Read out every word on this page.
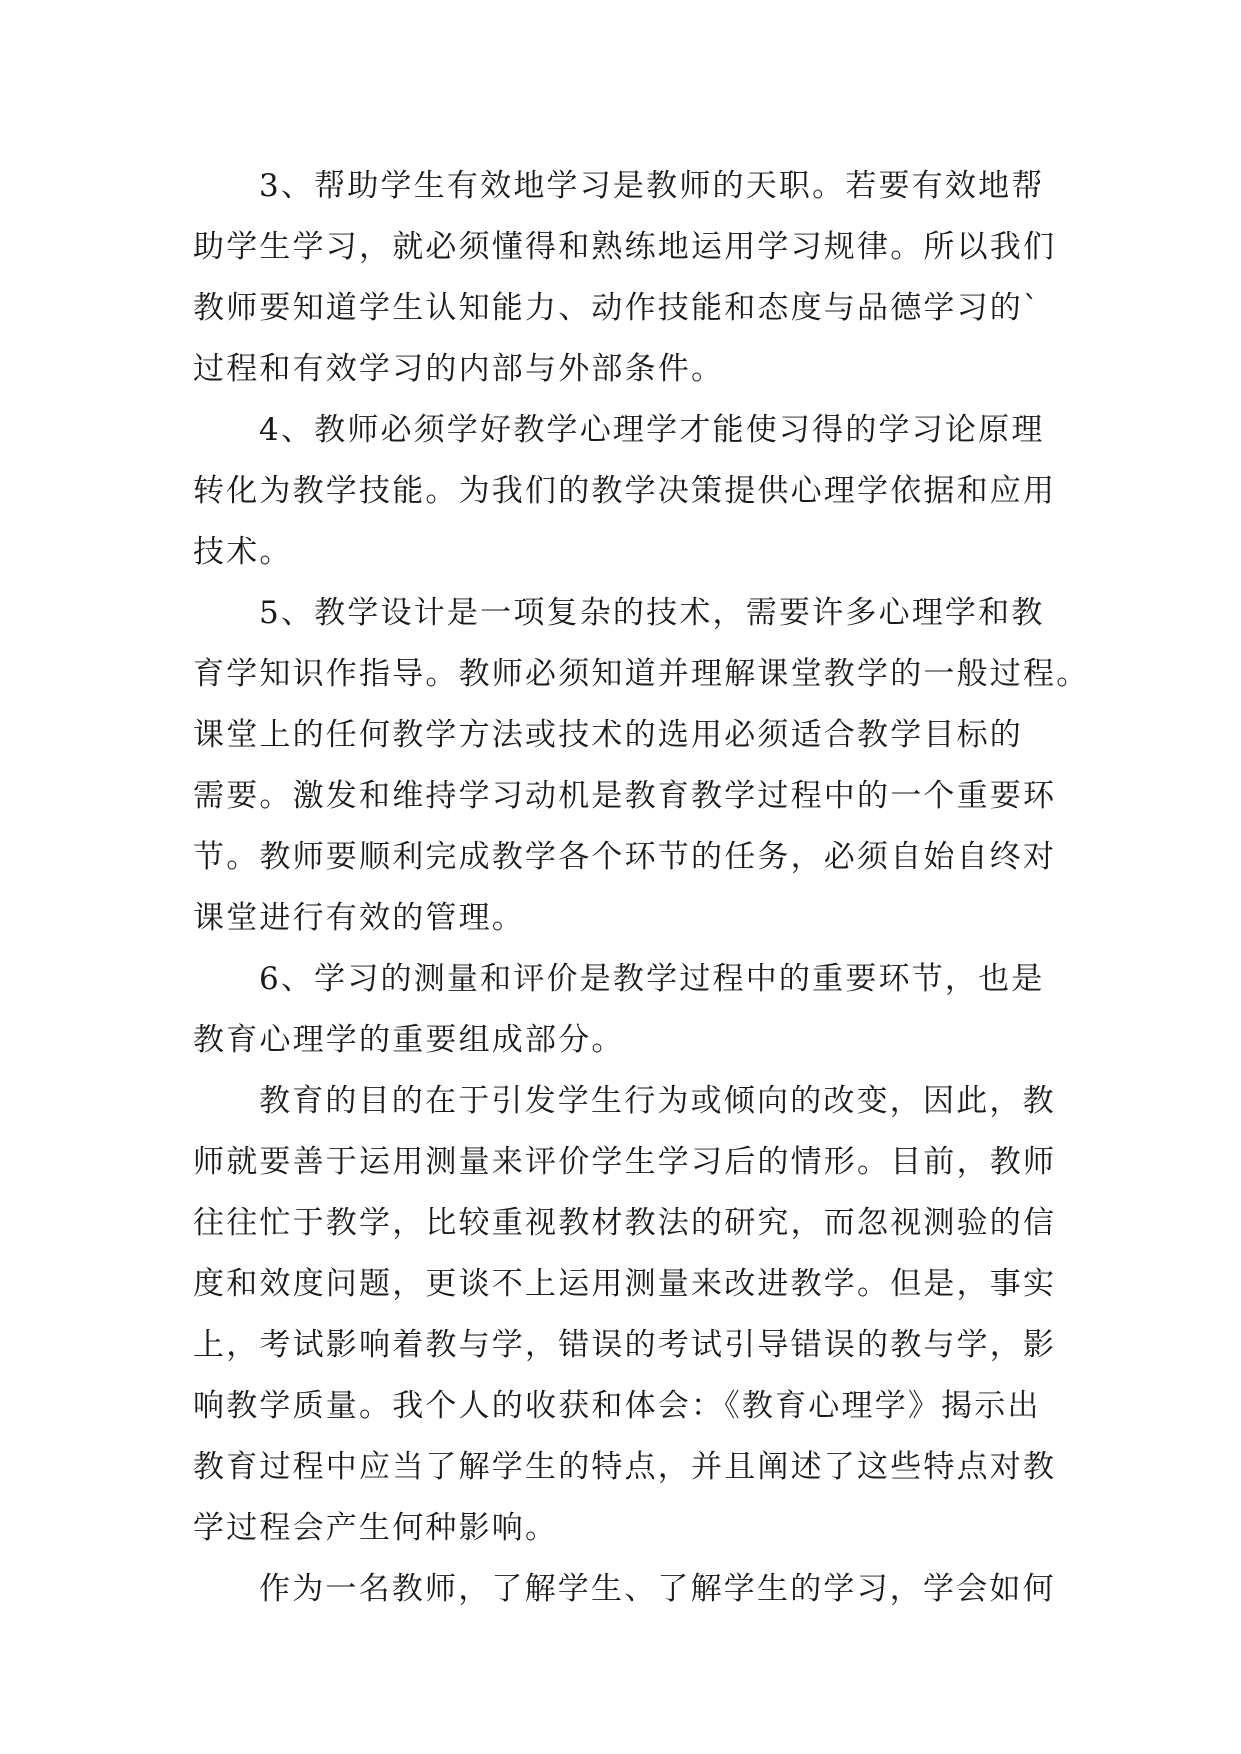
3、帮助学生有效地学习是教师的天职。若要有效地帮
助学生学习，就必须懂得和熟练地运用学习规律。所以我们
教师要知道学生认知能力、动作技能和态度与品德学习的`
过程和有效学习的内部与外部条件。
4、教师必须学好教学心理学才能使习得的学习论原理
转化为教学技能。为我们的教学决策提供心理学依据和应用
技术。
5、教学设计是一项复杂的技术，需要许多心理学和教
育学知识作指导。教师必须知道并理解课堂教学的一般过程。
课堂上的任何教学方法或技术的选用必须适合教学目标的
需要。激发和维持学习动机是教育教学过程中的一个重要环
节。教师要顺利完成教学各个环节的任务，必须自始自终对
课堂进行有效的管理。
6、学习的测量和评价是教学过程中的重要环节，也是
教育心理学的重要组成部分。
教育的目的在于引发学生行为或倾向的改变，因此，教
师就要善于运用测量来评价学生学习后的情形。目前，教师
往往忙于教学，比较重视教材教法的研究，而忽视测验的信
度和效度问题，更谈不上运用测量来改进教学。但是，事实
上，考试影响着教与学，错误的考试引导错误的教与学，影
响教学质量。我个人的收获和体会：《教育心理学》揭示出
教育过程中应当了解学生的特点，并且阐述了这些特点对教
学过程会产生何种影响。
作为一名教师，了解学生、了解学生的学习，学会如何
